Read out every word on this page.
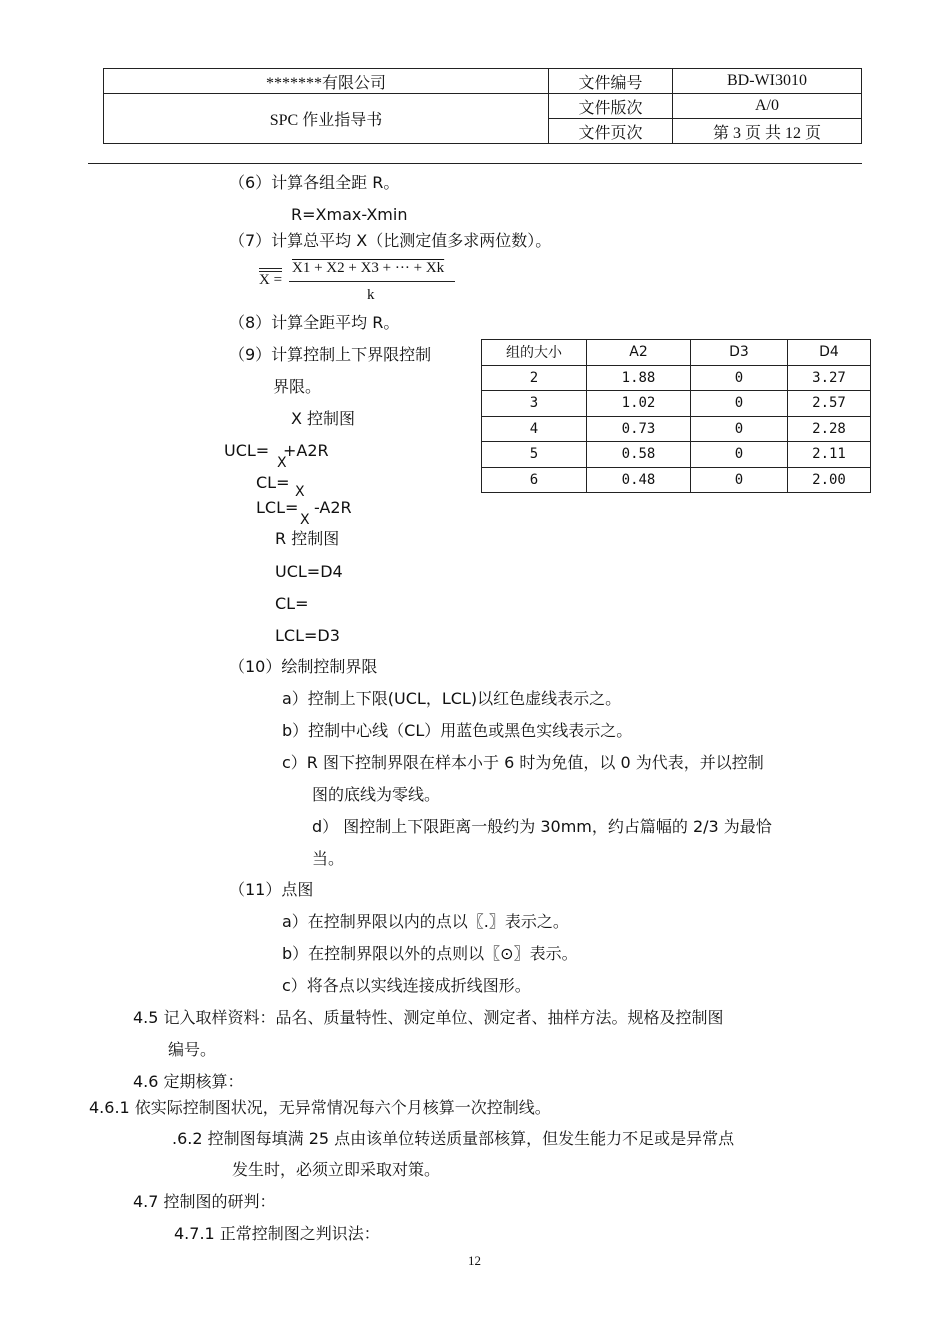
*******有限公司	文件编号	BD-WI3010
SPC 作业指导书	文件版次	A/0
	文件页次	第 3 页 共 12 页
（6）计算各组全距 R。
R=Xmax-Xmin
（7）计算总平均 X（比测定值多求两位数）。
X =
X1 + X2 + X3 + ··· + Xk
k
（8）计算全距平均 R。
（9）计算控制上下界限控制
界限。
X 控制图
UCL=
X
+A2R
CL= X
LCL=
X
-A2R
R 控制图
UCL=D4
CL=
LCL=D3
（10）绘制控制界限
a）控制上下限(UCL，LCL)以红色虚线表示之。
b）控制中心线（CL）用蓝色或黑色实线表示之。
c）R 图下控制界限在样本小于 6 时为免值，以 0 为代表，并以控制
图的底线为零线。
d） 图控制上下限距离一般约为 30mm，约占篇幅的 2/3 为最恰
当。
（11）点图
a）在控制界限以内的点以〖.〗表示之。
b）在控制界限以外的点则以〖⊙〗表示。
c）将各点以实线连接成折线图形。
4.5 记入取样资料：品名、质量特性、测定单位、测定者、抽样方法。规格及控制图
编号。
4.6 定期核算：
4.6.1 依实际控制图状况，无异常情况每六个月核算一次控制线。
.6.2 控制图每填满 25 点由该单位转送质量部核算，但发生能力不足或是异常点
发生时，必须立即采取对策。
4.7 控制图的研判：
4.7.1 正常控制图之判识法：
12
组的大小	A2	D3	D4
2	1.88	0	3.27
3	1.02	0	2.57
4	0.73	0	2.28
5	0.58	0	2.11
6	0.48	0	2.00
